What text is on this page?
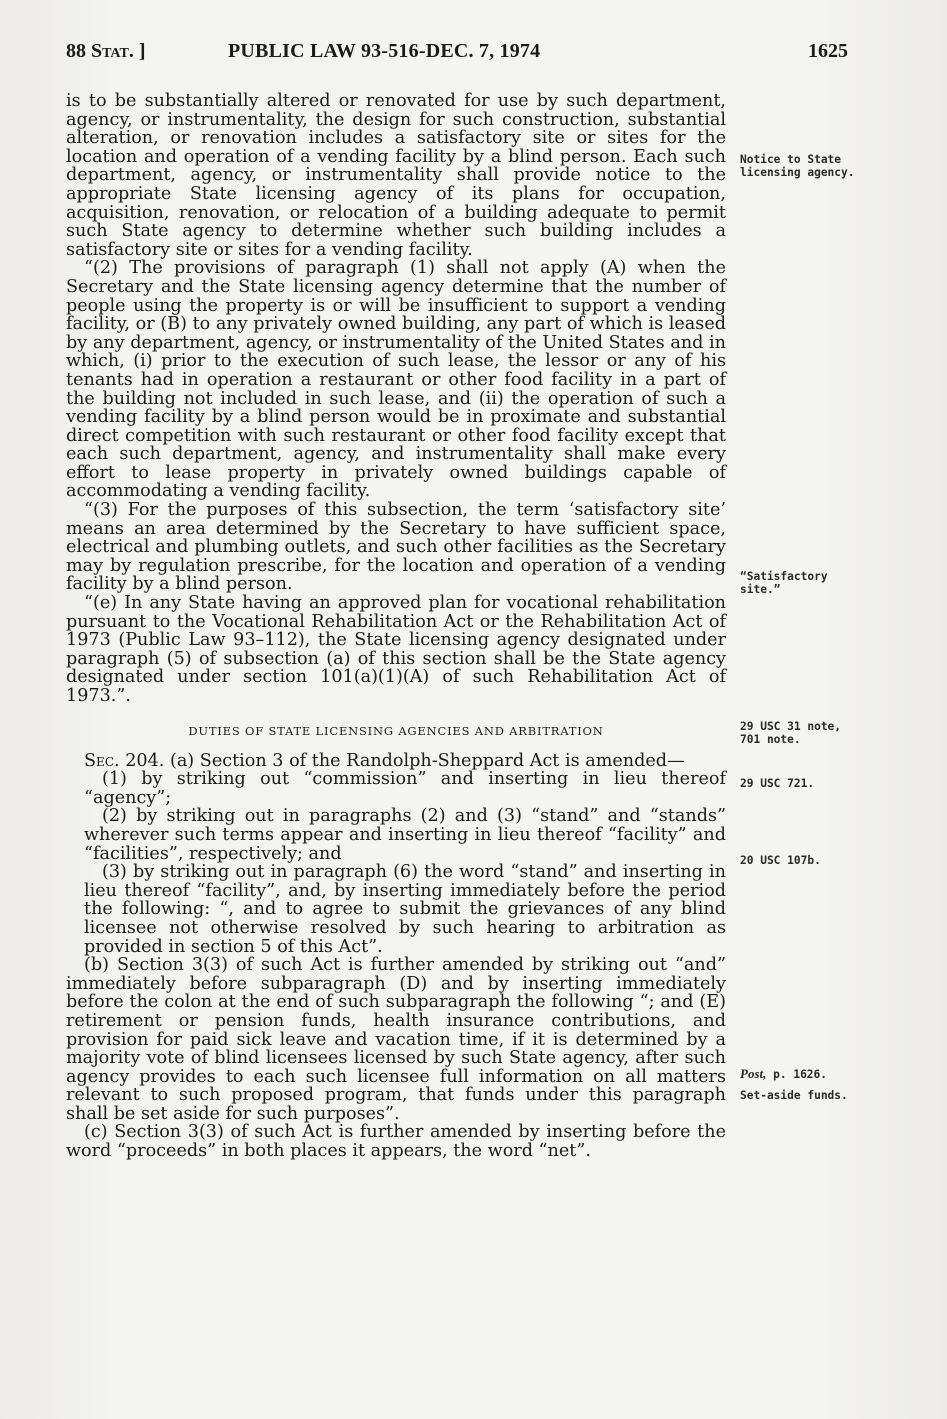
88 Stat. ]	PUBLIC LAW 93-516-DEC. 7, 1974	1625

is to be substantially altered or renovated for use by such department, agency, or instrumentality, the design for such construction, substantial alteration, or renovation includes a satisfactory site or sites for the location and operation of a vending facility by a blind person. Each such department, agency, or instrumentality shall provide notice to the appropriate State licensing agency of its plans for occupation, acquisition, renovation, or relocation of a building adequate to permit such State agency to determine whether such building includes a satisfactory site or sites for a vending facility.

“(2) The provisions of paragraph (1) shall not apply (A) when the Secretary and the State licensing agency determine that the number of people using the property is or will be insufficient to support a vending facility, or (B) to any privately owned building, any part of which is leased by any department, agency, or instrumentality of the United States and in which, (i) prior to the execution of such lease, the lessor or any of his tenants had in operation a restaurant or other food facility in a part of the building not included in such lease, and (ii) the operation of such a vending facility by a blind person would be in proximate and substantial direct competition with such restaurant or other food facility except that each such department, agency, and instrumentality shall make every effort to lease property in privately owned buildings capable of accommodating a vending facility.

“(3) For the purposes of this subsection, the term ‘satisfactory site’ means an area determined by the Secretary to have sufficient space, electrical and plumbing outlets, and such other facilities as the Secretary may by regulation prescribe, for the location and operation of a vending facility by a blind person.

“(e) In any State having an approved plan for vocational rehabilitation pursuant to the Vocational Rehabilitation Act or the Rehabilitation Act of 1973 (Public Law 93–112), the State licensing agency designated under paragraph (5) of subsection (a) of this section shall be the State agency designated under section 101(a)(1)(A) of such Rehabilitation Act of 1973.”.

DUTIES OF STATE LICENSING AGENCIES AND ARBITRATION

Sec. 204. (a) Section 3 of the Randolph-Sheppard Act is amended—

(1) by striking out “commission” and inserting in lieu thereof “agency”;

(2) by striking out in paragraphs (2) and (3) “stand” and “stands” wherever such terms appear and inserting in lieu thereof “facility” and “facilities”, respectively; and

(3) by striking out in paragraph (6) the word “stand” and inserting in lieu thereof “facility”, and, by inserting immediately before the period the following: “, and to agree to submit the grievances of any blind licensee not otherwise resolved by such hearing to arbitration as provided in section 5 of this Act”.

(b) Section 3(3) of such Act is further amended by striking out “and” immediately before subparagraph (D) and by inserting immediately before the colon at the end of such subparagraph the following “; and (E) retirement or pension funds, health insurance contributions, and provision for paid sick leave and vacation time, if it is determined by a majority vote of blind licensees licensed by such State agency, after such agency provides to each such licensee full information on all matters relevant to such proposed program, that funds under this paragraph shall be set aside for such purposes”.

(c) Section 3(3) of such Act is further amended by inserting before the word “proceeds” in both places it appears, the word “net”.

Notice to State
licensing agency.
“Satisfactory
site.”
29 USC 31 note,
701 note.
29 USC 721.
20 USC 107b.
Post, p. 1626.
Set-aside funds.
